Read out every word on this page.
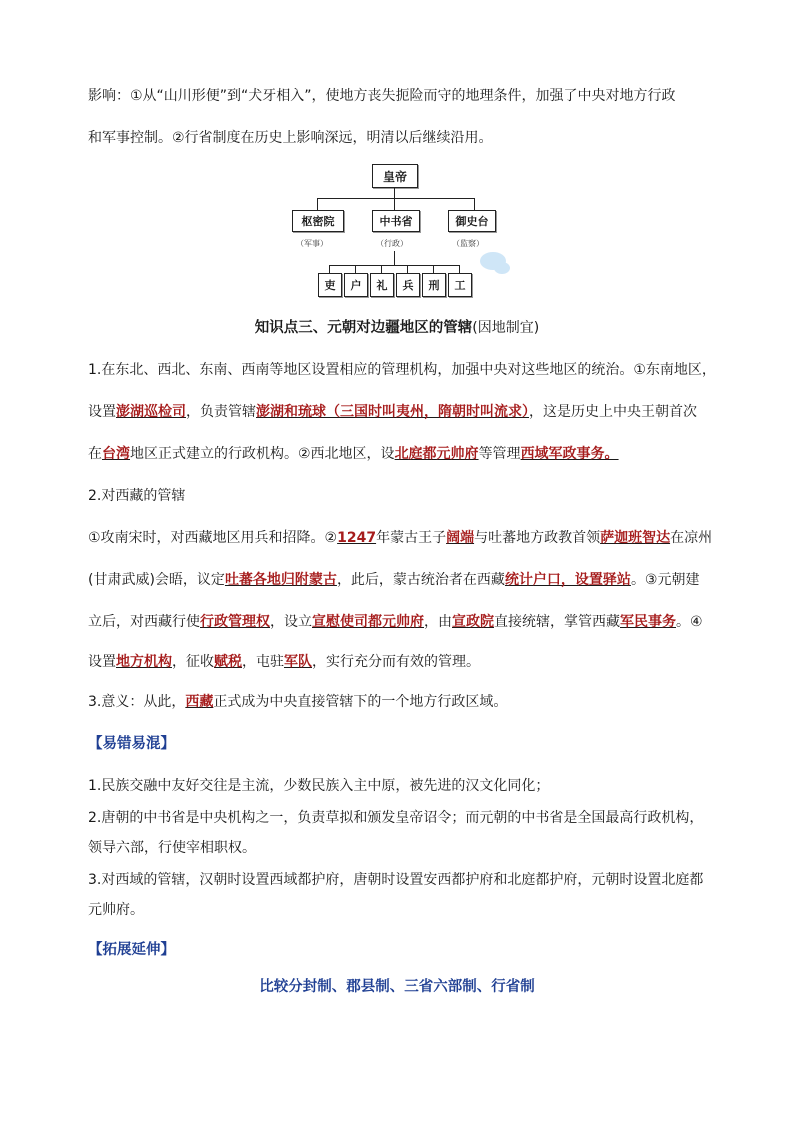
影响：①从“山川形便”到“犬牙相入”，使地方丧失扼险而守的地理条件，加强了中央对地方行政
和军事控制。②行省制度在历史上影响深远，明清以后继续沿用。
皇帝
枢密院	中书省	御史台
（军事）	（行政）	（监察）
吏	户	礼	兵	刑	工
知识点三、元朝对边疆地区的管辖(因地制宜)
1.在东北、西北、东南、西南等地区设置相应的管理机构，加强中央对这些地区的统治。①东南地区，
设置澎湖巡检司，负责管辖澎湖和琉球（三国时叫夷州，隋朝时叫流求），这是历史上中央王朝首次
在台湾地区正式建立的行政机构。②西北地区，设北庭都元帅府等管理西域军政事务。
2.对西藏的管辖
①攻南宋时，对西藏地区用兵和招降。②1247年蒙古王子阔端与吐蕃地方政教首领萨迦班智达在凉州
(甘肃武威)会晤，议定吐蕃各地归附蒙古，此后，蒙古统治者在西藏统计户口，设置驿站。③元朝建
立后，对西藏行使行政管理权，设立宣慰使司都元帅府，由宣政院直接统辖，掌管西藏军民事务。④
设置地方机构，征收赋税，屯驻军队，实行充分而有效的管理。
3.意义：从此，西藏正式成为中央直接管辖下的一个地方行政区域。
【易错易混】
1.民族交融中友好交往是主流，少数民族入主中原，被先进的汉文化同化；
2.唐朝的中书省是中央机构之一，负责草拟和颁发皇帝诏令；而元朝的中书省是全国最高行政机构，
领导六部，行使宰相职权。
3.对西域的管辖，汉朝时设置西域都护府，唐朝时设置安西都护府和北庭都护府，元朝时设置北庭都
元帅府。
【拓展延伸】
比较分封制、郡县制、三省六部制、行省制
